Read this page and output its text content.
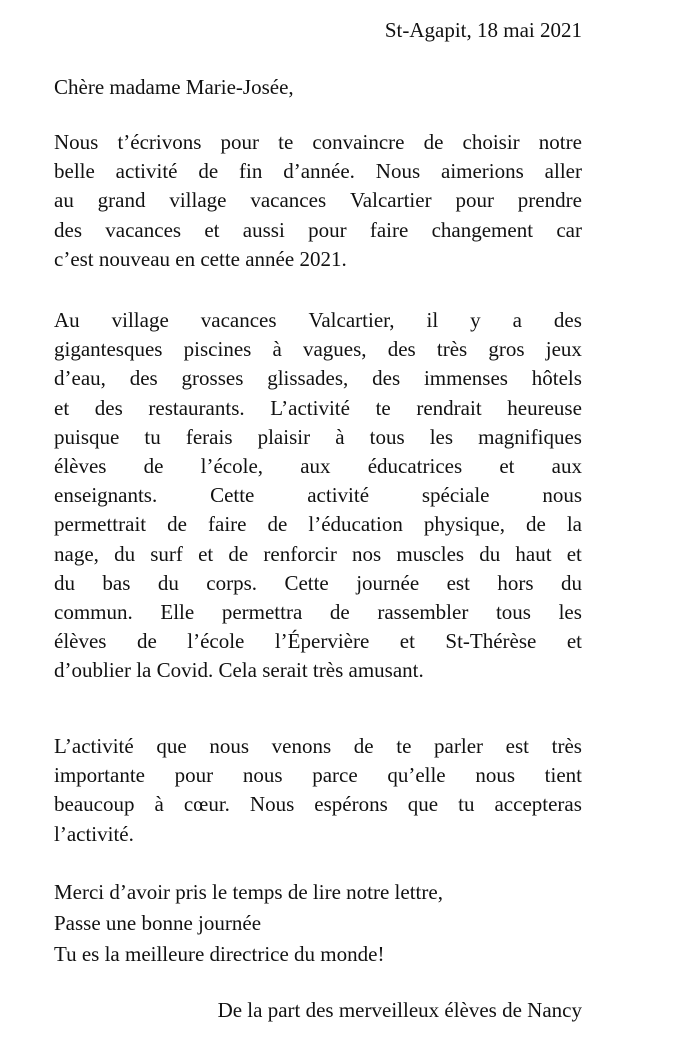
St-Agapit, 18 mai 2021
Chère madame Marie-Josée,
Nous t’écrivons pour te convaincre de choisir notre
belle activité de fin d’année. Nous aimerions aller
au grand village vacances Valcartier pour prendre
des vacances et aussi pour faire changement car
c’est nouveau en cette année 2021.
Au village vacances Valcartier, il y a des
gigantesques piscines à vagues, des très gros jeux
d’eau, des grosses glissades, des immenses hôtels
et des restaurants. L’activité te rendrait heureuse
puisque tu ferais plaisir à tous les magnifiques
élèves de l’école, aux éducatrices et aux
enseignants.	Cette	activité	spéciale	nous
permettrait de faire de l’éducation physique, de la
nage, du surf et de renforcir nos muscles du haut et
du bas du corps. Cette journée est hors du
commun. Elle permettra de rassembler tous les
élèves de l’école l’Épervière et St-Thérèse et
d’oublier la Covid. Cela serait très amusant.
L’activité que nous venons de te parler est très
importante pour nous parce qu’elle nous tient
beaucoup à cœur. Nous espérons que tu accepteras
l’activité.
Merci d’avoir pris le temps de lire notre lettre,
Passe une bonne journée
Tu es la meilleure directrice du monde!
De la part des merveilleux élèves de Nancy
